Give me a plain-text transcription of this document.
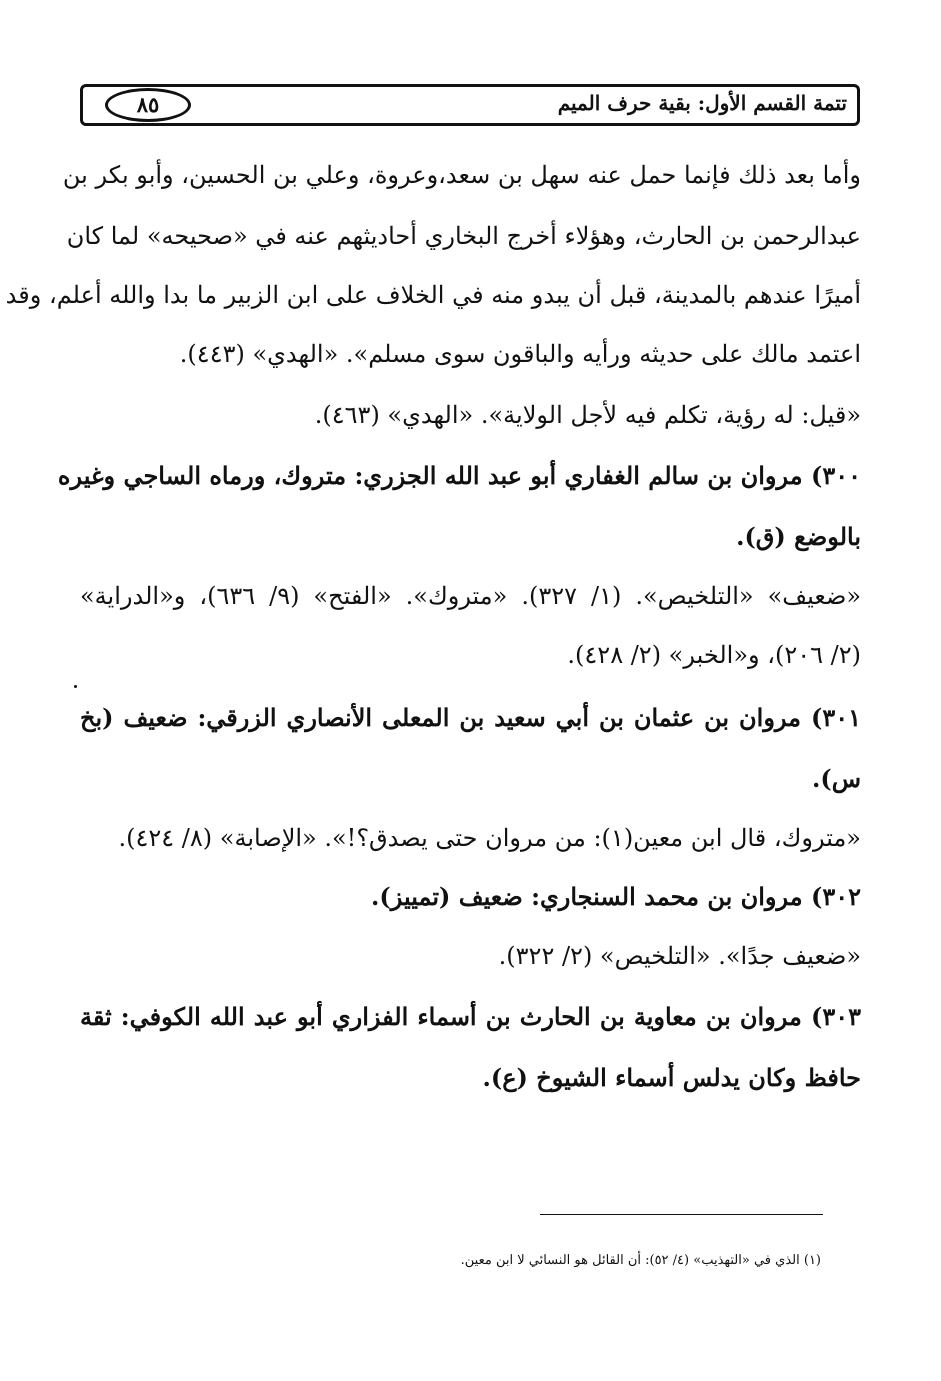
تتمة القسم الأول: بقية حرف الميم
٨٥
وأما بعد ذلك فإنما حمل عنه سهل بن سعد،وعروة، وعلي بن الحسين، وأبو بكر بن
عبدالرحمن بن الحارث، وهؤلاء أخرج البخاري أحاديثهم عنه في «صحيحه» لما كان
أميرًا عندهم بالمدينة، قبل أن يبدو منه في الخلاف على ابن الزبير ما بدا والله أعلم، وقد
اعتمد مالك على حديثه ورأيه والباقون سوى مسلم». «الهدي» (٤٤٣).
«قيل: له رؤية، تكلم فيه لأجل الولاية». «الهدي» (٤٦٣).
٣٠٠) مروان بن سالم الغفاري أبو عبد الله الجزري: متروك، ورماه الساجي وغيره
بالوضع (ق).
«ضعيف» «التلخيص». (١/ ٣٢٧). «متروك». «الفتح» (٩/ ٦٣٦)، و«الدراية»
(٢/ ٢٠٦)، و«الخبر» (٢/ ٤٢٨).
٣٠١) مروان بن عثمان بن أبي سعيد بن المعلى الأنصاري الزرقي: ضعيف (بخ
س).
«متروك، قال ابن معين(١): من مروان حتى يصدق؟!». «الإصابة» (٨/ ٤٢٤).
٣٠٢) مروان بن محمد السنجاري: ضعيف (تمييز).
«ضعيف جدًا». «التلخيص» (٢/ ٣٢٢).
٣٠٣) مروان بن معاوية بن الحارث بن أسماء الفزاري أبو عبد الله الكوفي: ثقة
حافظ وكان يدلس أسماء الشيوخ (ع).
(١) الذي في «التهذيب» (٤/ ٥٢): أن القائل هو النسائي لا ابن معين.
